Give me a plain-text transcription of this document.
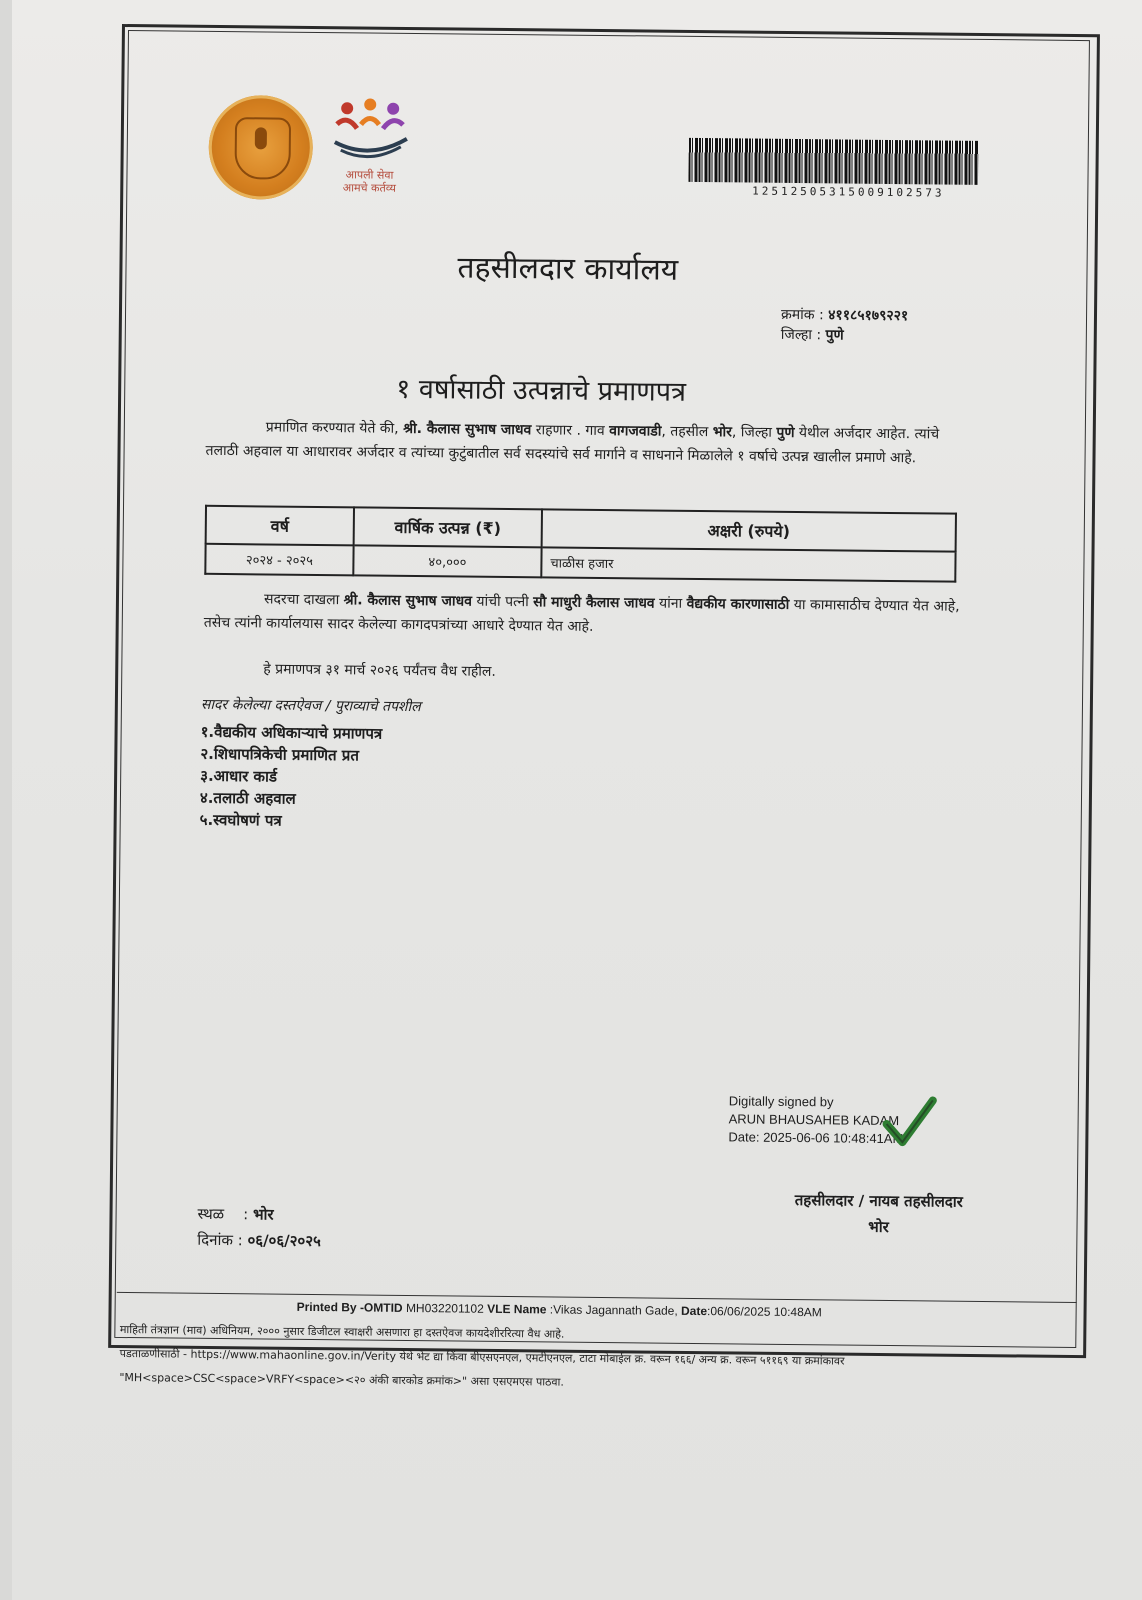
आपली सेवा
आमचे कर्तव्य	1251250531500910257З
तहसीलदार कार्यालय
क्रमांक : ४११८५१७९२२१
जिल्हा : पुणे
१ वर्षासाठी उत्पन्नाचे प्रमाणपत्र
प्रमाणित करण्यात येते की, श्री. कैलास सुभाष जाधव राहणार . गाव वागजवाडी, तहसील भोर, जिल्हा पुणे येथील अर्जदार आहेत. त्यांचे तलाठी अहवाल या आधारावर अर्जदार व त्यांच्या कुटुंबातील सर्व सदस्यांचे सर्व मार्गाने व साधनाने मिळालेले १ वर्षाचे उत्पन्न खालील प्रमाणे आहे.
वर्ष	वार्षिक उत्पन्न (₹)	अक्षरी (रुपये)
२०२४ - २०२५	४०,०००	चाळीस हजार
सदरचा दाखला श्री. कैलास सुभाष जाधव यांची पत्नी सौ माधुरी कैलास जाधव यांना वैद्यकीय कारणासाठी या कामासाठीच देण्यात येत आहे, तसेच त्यांनी कार्यालयास सादर केलेल्या कागदपत्रांच्या आधारे देण्यात येत आहे.
हे प्रमाणपत्र ३१ मार्च २०२६ पर्यंतच वैध राहील.
सादर केलेल्या दस्तऐवज / पुराव्याचे तपशील
१.वैद्यकीय अधिकाऱ्याचे प्रमाणपत्र
२.शिधापत्रिकेची प्रमाणित प्रत
३.आधार कार्ड
४.तलाठी अहवाल
५.स्वघोषणं पत्र
Digitally signed by
ARUN BHAUSAHEB KADAM
Date: 2025-06-06 10:48:41AM
तहसीलदार / नायब तहसीलदार
भोर
स्थळ    : भोर
दिनांक : ०६/०६/२०२५
Printed By -OMTID MH032201102 VLE Name :Vikas Jagannath Gade, Date:06/06/2025 10:48AM
माहिती तंत्रज्ञान (माव) अधिनियम, २००० नुसार डिजीटल स्वाक्षरी असणारा हा दस्तऐवज कायदेशीररित्या वैध आहे.
पडताळणीसाठी - https://www.mahaonline.gov.in/Verity येथे भेट द्या किंवा बीएसएनएल, एमटीएनएल, टाटा मोबाईल क्र. वरून १६६/ अन्य क्र. वरून ५११६९ या क्रमांकावर
"MH<space>CSC<space>VRFY<space><२० अंकी बारकोड क्रमांक>" असा एसएमएस पाठवा.
